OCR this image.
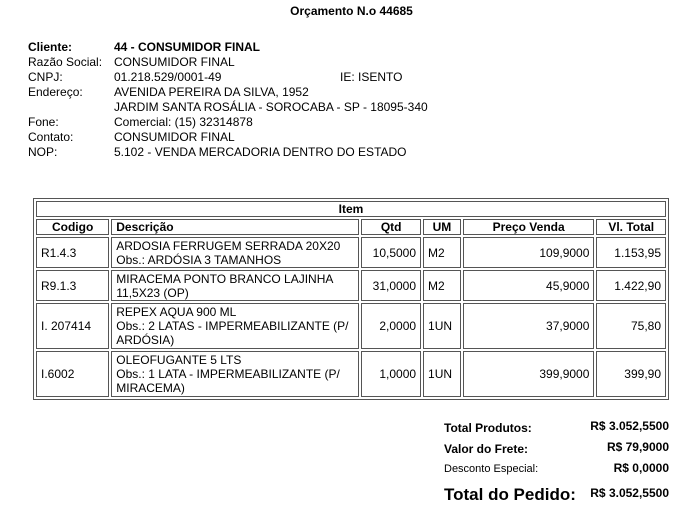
Orçamento N.o 44685
Cliente:	44 - CONSUMIDOR FINAL
Razão Social: CONSUMIDOR FINAL
CNPJ:	01.218.529/0001-49	IE: ISENTO
Endereço:	AVENIDA PEREIRA DA SILVA, 1952
JARDIM SANTA ROSÁLIA - SOROCABA - SP - 18095-340
Fone:	Comercial: (15) 32314878
Contato:	CONSUMIDOR FINAL
NOP:	5.102 - VENDA MERCADORIA DENTRO DO ESTADO
Item					
Codigo	Descrição	Qtd	UM	Preço Venda	Vl. Total
R1.4.3	ARDOSIA FERRUGEM SERRADA 20X20
Obs.: ARDÓSIA 3 TAMANHOS	10,5000	M2	109,9000	1.153,95
R9.1.3	MIRACEMA PONTO BRANCO LAJINHA
11,5X23 (OP)	31,0000	M2	45,9000	1.422,90
I. 207414	REPEX AQUA 900 ML
Obs.: 2 LATAS - IMPERMEABILIZANTE (P/
ARDÓSIA)	2,0000	1UN	37,9000	75,80
I.6002	OLEOFUGANTE 5 LTS
Obs.: 1 LATA - IMPERMEABILIZANTE (P/
MIRACEMA)	1,0000	1UN	399,9000	399,90
Total Produtos:	R$ 3.052,5500
Valor do Frete:	R$ 79,9000
Desconto Especial:	R$ 0,0000
Total do Pedido: R$ 3.052,5500
